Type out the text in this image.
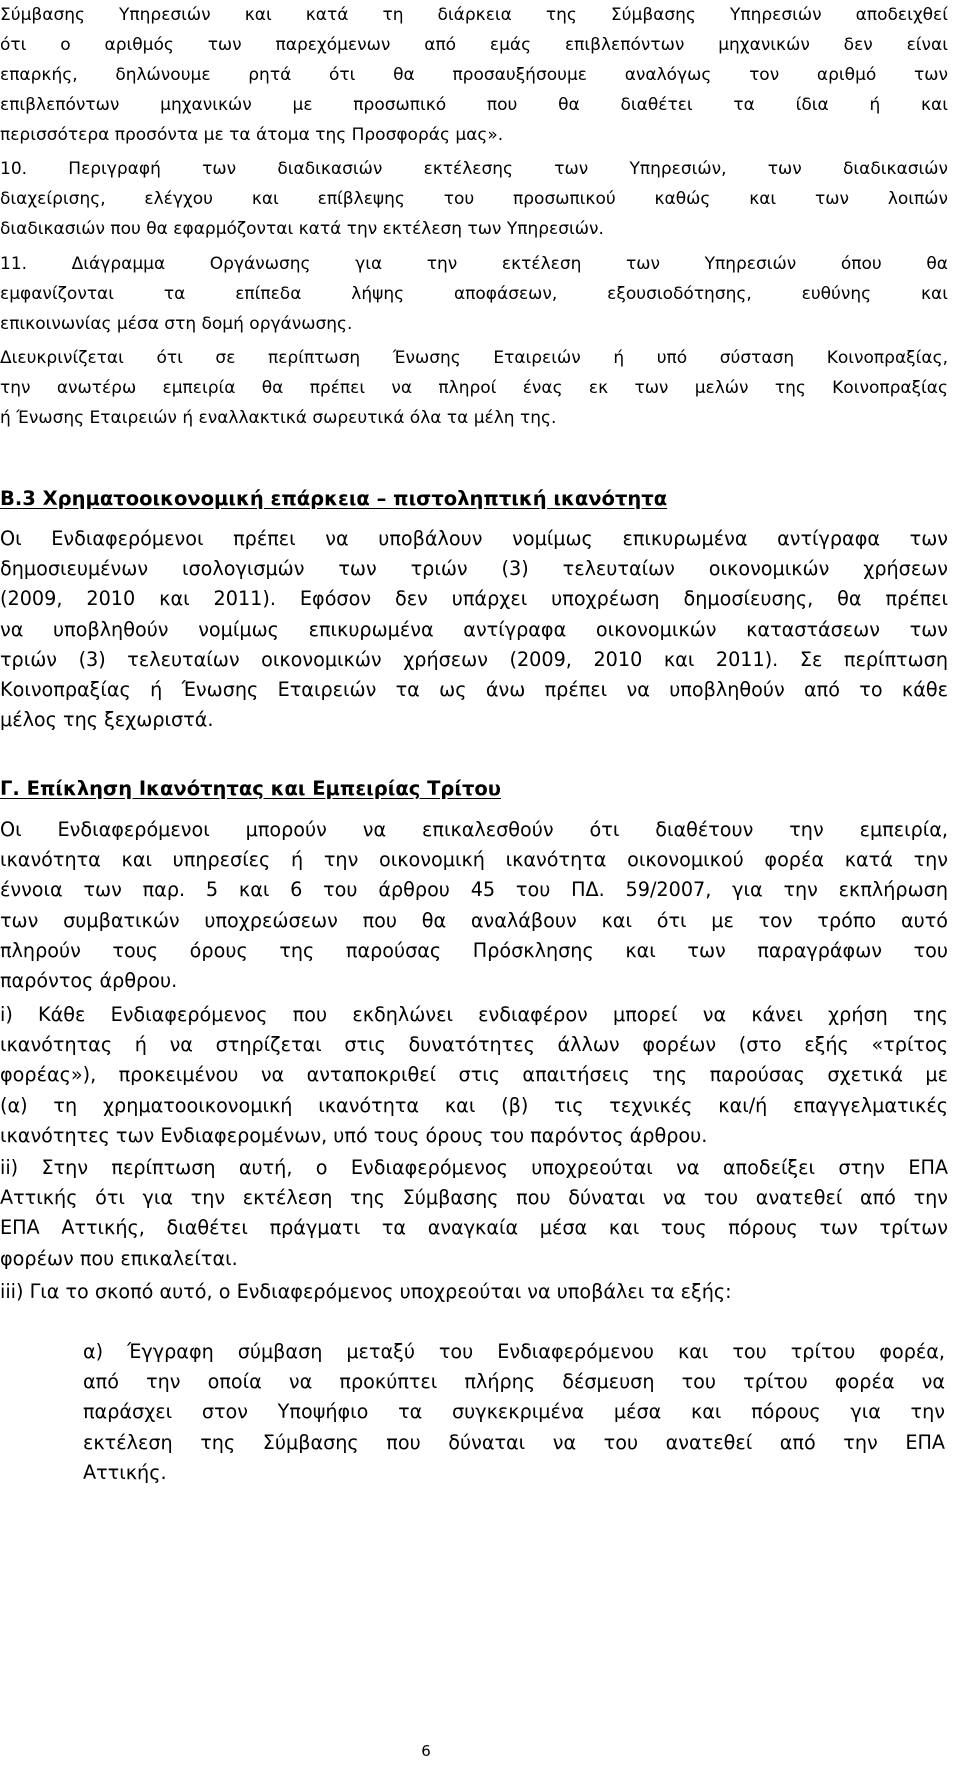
Σύμβασης Υπηρεσιών και κατά τη διάρκεια της Σύμβασης Υπηρεσιών αποδειχθεί
ότι ο αριθμός των παρεχόμενων από εμάς επιβλεπόντων μηχανικών δεν είναι
επαρκής, δηλώνουμε ρητά ότι θα προσαυξήσουμε αναλόγως τον αριθμό των
επιβλεπόντων μηχανικών με προσωπικό που θα διαθέτει τα ίδια ή και
περισσότερα προσόντα με τα άτομα της Προσφοράς μας».
10. Περιγραφή των διαδικασιών εκτέλεσης των Υπηρεσιών, των διαδικασιών
διαχείρισης, ελέγχου και επίβλεψης του προσωπικού καθώς και των λοιπών
διαδικασιών που θα εφαρμόζονται κατά την εκτέλεση των Υπηρεσιών.
11. Διάγραμμα Οργάνωσης για την εκτέλεση των Υπηρεσιών όπου θα
εμφανίζονται τα επίπεδα λήψης αποφάσεων, εξουσιοδότησης, ευθύνης και
επικοινωνίας μέσα στη δομή οργάνωσης.
Διευκρινίζεται ότι σε περίπτωση Ένωσης Εταιρειών ή υπό σύσταση Κοινοπραξίας,
την ανωτέρω εμπειρία θα πρέπει να πληροί ένας εκ των μελών της Κοινοπραξίας
ή Ένωσης Εταιρειών ή εναλλακτικά σωρευτικά όλα τα μέλη της.
Β.3 Χρηματοοικονομική επάρκεια – πιστοληπτική ικανότητα
Οι Ενδιαφερόμενοι πρέπει να υποβάλουν νομίμως επικυρωμένα αντίγραφα των
δημοσιευμένων ισολογισμών των τριών (3) τελευταίων οικονομικών χρήσεων
(2009, 2010 και 2011). Εφόσον δεν υπάρχει υποχρέωση δημοσίευσης, θα πρέπει
να υποβληθούν νομίμως επικυρωμένα αντίγραφα οικονομικών καταστάσεων των
τριών (3) τελευταίων οικονομικών χρήσεων (2009, 2010 και 2011). Σε περίπτωση
Κοινοπραξίας ή Ένωσης Εταιρειών τα ως άνω πρέπει να υποβληθούν από το κάθε
μέλος της ξεχωριστά.
Γ. Επίκληση Ικανότητας και Εμπειρίας Τρίτου
Οι Ενδιαφερόμενοι μπορούν να επικαλεσθούν ότι διαθέτουν την εμπειρία,
ικανότητα και υπηρεσίες ή την οικονομική ικανότητα οικονομικού φορέα κατά την
έννοια των παρ. 5 και 6 του άρθρου 45 του ΠΔ. 59/2007, για την εκπλήρωση
των συμβατικών υποχρεώσεων που θα αναλάβουν και ότι με τον τρόπο αυτό
πληρούν τους όρους της παρούσας Πρόσκλησης και των παραγράφων του
παρόντος άρθρου.
i) Κάθε Ενδιαφερόμενος που εκδηλώνει ενδιαφέρον μπορεί να κάνει χρήση της
ικανότητας ή να στηρίζεται στις δυνατότητες άλλων φορέων (στο εξής «τρίτος
φορέας»), προκειμένου να ανταποκριθεί στις απαιτήσεις της παρούσας σχετικά με
(α) τη χρηματοοικονομική ικανότητα και (β) τις τεχνικές και/ή επαγγελματικές
ικανότητες των Ενδιαφερομένων, υπό τους όρους του παρόντος άρθρου.
ii) Στην περίπτωση αυτή, ο Ενδιαφερόμενος υποχρεούται να αποδείξει στην ΕΠΑ
Αττικής ότι για την εκτέλεση της Σύμβασης που δύναται να του ανατεθεί από την
ΕΠΑ Αττικής, διαθέτει πράγματι τα αναγκαία μέσα και τους πόρους των τρίτων
φορέων που επικαλείται.
iii) Για το σκοπό αυτό, ο Ενδιαφερόμενος υποχρεούται να υποβάλει τα εξής:
α) Έγγραφη σύμβαση μεταξύ του Ενδιαφερόμενου και του τρίτου φορέα,
από την οποία να προκύπτει πλήρης δέσμευση του τρίτου φορέα να
παράσχει στον Υποψήφιο τα συγκεκριμένα μέσα και πόρους για την
εκτέλεση της Σύμβασης που δύναται να του ανατεθεί από την ΕΠΑ
Αττικής.
6
